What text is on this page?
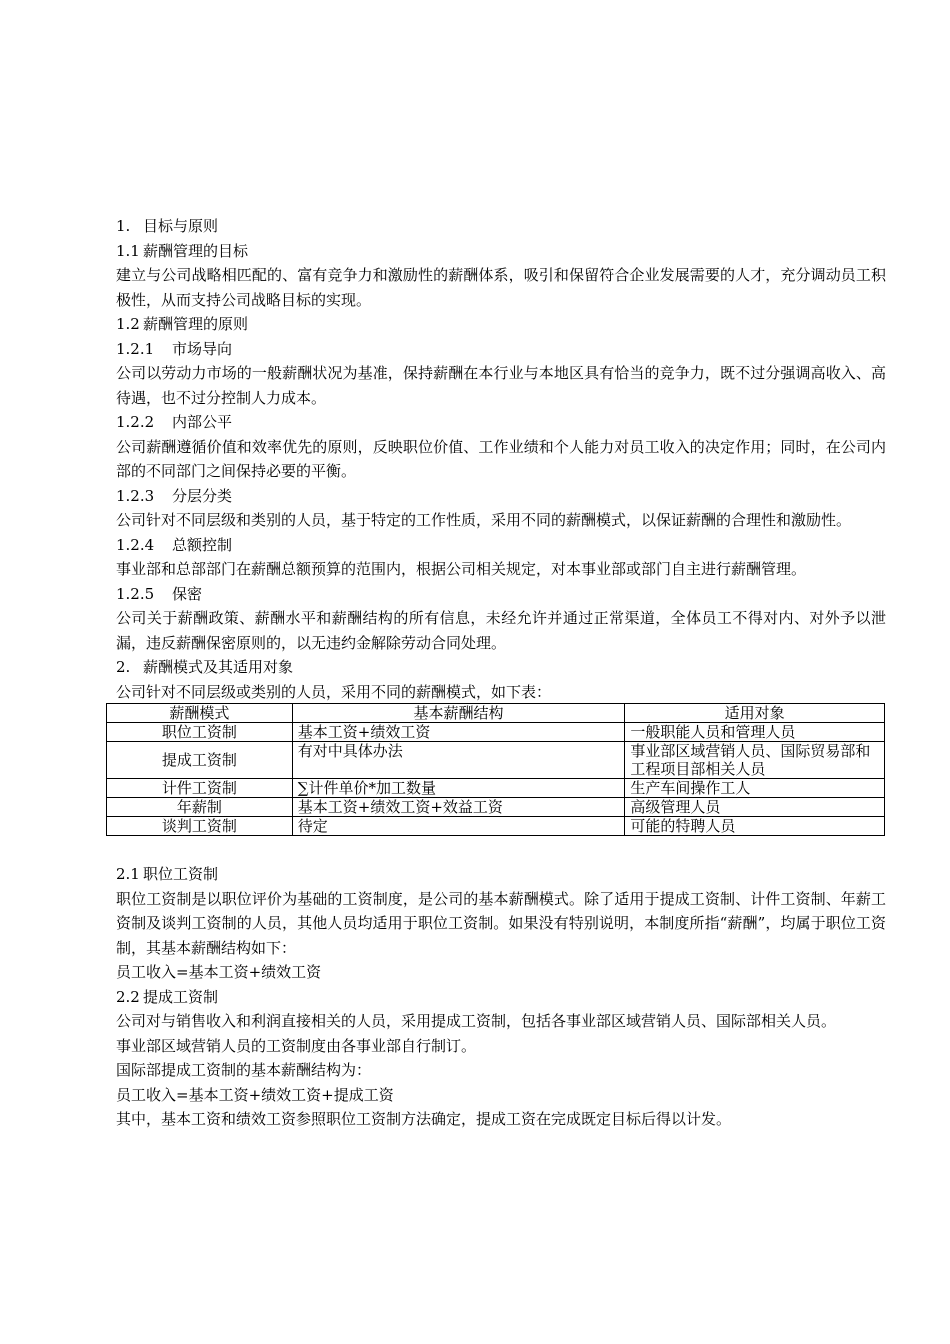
1. 目标与原则
1.1 薪酬管理的目标
建立与公司战略相匹配的、富有竞争力和激励性的薪酬体系，吸引和保留符合企业发展需要的人才，充分调动员工积极性，从而支持公司战略目标的实现。
1.2 薪酬管理的原则
1.2.1 市场导向
公司以劳动力市场的一般薪酬状况为基准，保持薪酬在本行业与本地区具有恰当的竞争力，既不过分强调高收入、高待遇，也不过分控制人力成本。
1.2.2 内部公平
公司薪酬遵循价值和效率优先的原则，反映职位价值、工作业绩和个人能力对员工收入的决定作用；同时，在公司内部的不同部门之间保持必要的平衡。
1.2.3 分层分类
公司针对不同层级和类别的人员，基于特定的工作性质，采用不同的薪酬模式，以保证薪酬的合理性和激励性。
1.2.4 总额控制
事业部和总部部门在薪酬总额预算的范围内，根据公司相关规定，对本事业部或部门自主进行薪酬管理。
1.2.5 保密
公司关于薪酬政策、薪酬水平和薪酬结构的所有信息，未经允许并通过正常渠道，全体员工不得对内、对外予以泄漏，违反薪酬保密原则的，以无违约金解除劳动合同处理。
2. 薪酬模式及其适用对象
公司针对不同层级或类别的人员，采用不同的薪酬模式，如下表：
薪酬模式	基本薪酬结构	适用对象
职位工资制	基本工资+绩效工资	一般职能人员和管理人员
提成工资制	有对中具体办法	事业部区域营销人员、国际贸易部和工程项目部相关人员
计件工资制	∑计件单价*加工数量	生产车间操作工人
年薪制	基本工资+绩效工资+效益工资	高级管理人员
谈判工资制	待定	可能的特聘人员
2.1 职位工资制
职位工资制是以职位评价为基础的工资制度，是公司的基本薪酬模式。除了适用于提成工资制、计件工资制、年薪工资制及谈判工资制的人员，其他人员均适用于职位工资制。如果没有特别说明，本制度所指“薪酬”，均属于职位工资制，其基本薪酬结构如下：
员工收入=基本工资+绩效工资
2.2 提成工资制
公司对与销售收入和利润直接相关的人员，采用提成工资制，包括各事业部区域营销人员、国际部相关人员。
事业部区域营销人员的工资制度由各事业部自行制订。
国际部提成工资制的基本薪酬结构为：
员工收入=基本工资+绩效工资+提成工资
其中，基本工资和绩效工资参照职位工资制方法确定，提成工资在完成既定目标后得以计发。
